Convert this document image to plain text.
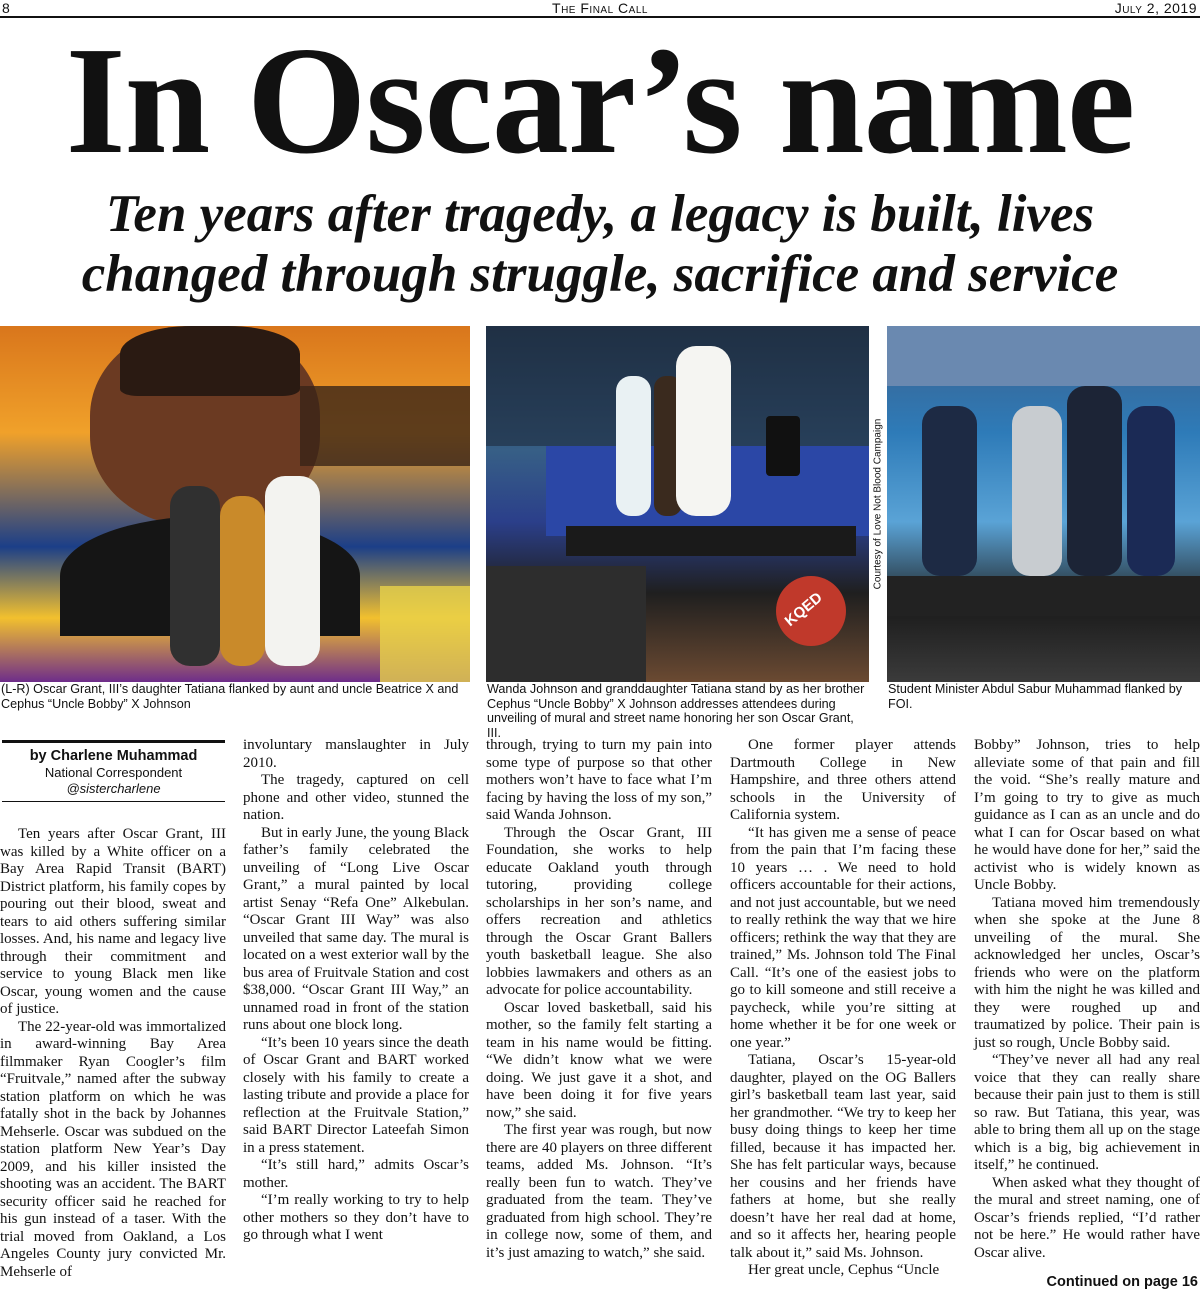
8	The Final Call	July 2, 2019
In Oscar’s name
Ten years after tragedy, a legacy is built, lives
changed through struggle, sacrifice and service
KQED
Courtesy of Love Not Blood Campaign
(L-R) Oscar Grant, III’s daughter Tatiana flanked by aunt and uncle Beatrice X and Cephus “Uncle Bobby” X Johnson
Wanda Johnson and granddaughter Tatiana stand by as her brother Cephus “Uncle Bobby” X Johnson addresses attendees during unveiling of mural and street name honoring her son Oscar Grant, III.
Student Minister Abdul Sabur Muhammad flanked by FOI.
by Charlene Muhammad
National Correspondent
@sistercharlene

Ten years after Oscar Grant, III was killed by a White officer on a Bay Area Rapid Transit (BART) District platform, his family copes by pouring out their blood, sweat and tears to aid others suffering similar losses. And, his name and legacy live through their commitment and service to young Black men like Oscar, young women and the cause of justice.

The 22-year-old was immortalized in award-winning Bay Area filmmaker Ryan Coogler’s film “Fruitvale,” named after the subway station platform on which he was fatally shot in the back by Johannes Mehserle. Oscar was subdued on the station platform New Year’s Day 2009, and his killer insisted the shooting was an accident. The BART security officer said he reached for his gun instead of a taser. With the trial moved from Oakland, a Los Angeles County jury convicted Mr. Mehserle of

involuntary manslaughter in July 2010.

The tragedy, captured on cell phone and other video, stunned the nation.

But in early June, the young Black father’s family celebrated the unveiling of “Long Live Oscar Grant,” a mural painted by local artist Senay “Refa One” Alkebulan. “Oscar Grant III Way” was also unveiled that same day. The mural is located on a west exterior wall by the bus area of Fruitvale Station and cost $38,000. “Oscar Grant III Way,” an unnamed road in front of the station runs about one block long.

“It’s been 10 years since the death of Oscar Grant and BART worked closely with his family to create a lasting tribute and provide a place for reflection at the Fruitvale Station,” said BART Director Lateefah Simon in a press statement.

“It’s still hard,” admits Oscar’s mother.

“I’m really working to try to help other mothers so they don’t have to go through what I went

through, trying to turn my pain into some type of purpose so that other mothers won’t have to face what I’m facing by having the loss of my son,” said Wanda Johnson.

Through the Oscar Grant, III Foundation, she works to help educate Oakland youth through tutoring, providing college scholarships in her son’s name, and offers recreation and athletics through the Oscar Grant Ballers youth basketball league. She also lobbies lawmakers and others as an advocate for police accountability.

Oscar loved basketball, said his mother, so the family felt starting a team in his name would be fitting. “We didn’t know what we were doing. We just gave it a shot, and have been doing it for five years now,” she said.

The first year was rough, but now there are 40 players on three different teams, added Ms. Johnson. “It’s really been fun to watch. They’ve graduated from the team. They’ve graduated from high school. They’re in college now, some of them, and it’s just amazing to watch,” she said.

One former player attends Dartmouth College in New Hampshire, and three others attend schools in the University of California system.

“It has given me a sense of peace from the pain that I’m facing these 10 years … . We need to hold officers accountable for their actions, and not just accountable, but we need to really rethink the way that we hire officers; rethink the way that they are trained,” Ms. Johnson told The Final Call. “It’s one of the easiest jobs to go to kill someone and still receive a paycheck, while you’re sitting at home whether it be for one week or one year.”

Tatiana, Oscar’s 15-year-old daughter, played on the OG Ballers girl’s basketball team last year, said her grandmother. “We try to keep her busy doing things to keep her time filled, because it has impacted her. She has felt particular ways, because her cousins and her friends have fathers at home, but she really doesn’t have her real dad at home, and so it affects her, hearing people talk about it,” said Ms. Johnson.

Her great uncle, Cephus “Uncle

Bobby” Johnson, tries to help alleviate some of that pain and fill the void. “She’s really mature and I’m going to try to give as much guidance as I can as an uncle and do what I can for Oscar based on what he would have done for her,” said the activist who is widely known as Uncle Bobby.

Tatiana moved him tremendously when she spoke at the June 8 unveiling of the mural. She acknowledged her uncles, Oscar’s friends who were on the platform with him the night he was killed and they were roughed up and traumatized by police. Their pain is just so rough, Uncle Bobby said.

“They’ve never all had any real voice that they can really share because their pain just to them is still so raw. But Tatiana, this year, was able to bring them all up on the stage which is a big, big achievement in itself,” he continued.

When asked what they thought of the mural and street naming, one of Oscar’s friends replied, “I’d rather not be here.” He would rather have Oscar alive.

Continued on page 16
